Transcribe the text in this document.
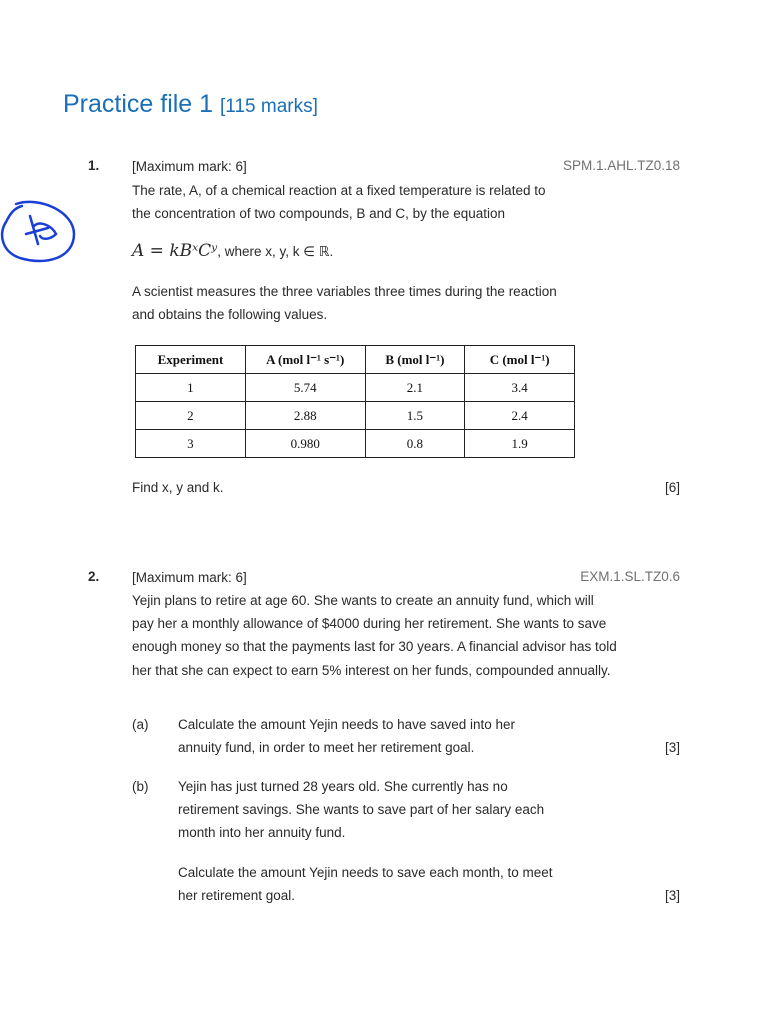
Practice file 1 [115 marks]
1. [Maximum mark: 6]	SPM.1.AHL.TZ0.18
The rate, A, of a chemical reaction at a fixed temperature is related to
the concentration of two compounds, B and C, by the equation
A = kBˣCʸ, where x, y, k ∈ ℝ.
A scientist measures the three variables three times during the reaction
and obtains the following values.
Experiment	A (mol l⁻¹ s⁻¹)	B (mol l⁻¹)	C (mol l⁻¹)
1	5.74	2.1	3.4
2	2.88	1.5	2.4
3	0.980	0.8	1.9
Find x, y and k.	[6]
2. [Maximum mark: 6]	EXM.1.SL.TZ0.6
Yejin plans to retire at age 60. She wants to create an annuity fund, which will
pay her a monthly allowance of $4000 during her retirement. She wants to save
enough money so that the payments last for 30 years. A financial advisor has told
her that she can expect to earn 5% interest on her funds, compounded annually.
(a) Calculate the amount Yejin needs to have saved into her
annuity fund, in order to meet her retirement goal.	[3]
(b) Yejin has just turned 28 years old. She currently has no
retirement savings. She wants to save part of her salary each
month into her annuity fund.
Calculate the amount Yejin needs to save each month, to meet
her retirement goal.	[3]
